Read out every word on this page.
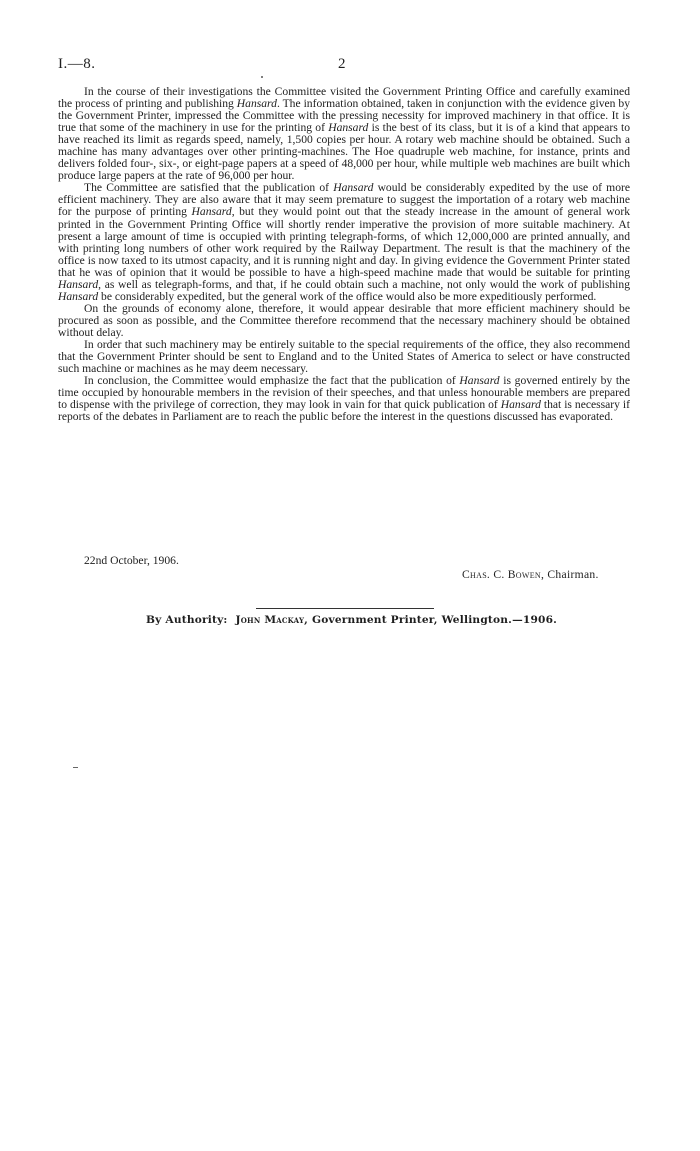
I.—8.	2

In the course of their investigations the Committee visited the Government Printing Office and carefully examined the process of printing and publishing Hansard. The information obtained, taken in conjunction with the evidence given by the Government Printer, impressed the Committee with the pressing necessity for improved machinery in that office. It is true that some of the machinery in use for the printing of Hansard is the best of its class, but it is of a kind that appears to have reached its limit as regards speed, namely, 1,500 copies per hour. A rotary web machine should be obtained. Such a machine has many advantages over other printing-machines. The Hoe quadruple web machine, for instance, prints and delivers folded four-, six-, or eight-page papers at a speed of 48,000 per hour, while multiple web machines are built which produce large papers at the rate of 96,000 per hour.

The Committee are satisfied that the publication of Hansard would be considerably expedited by the use of more efficient machinery. They are also aware that it may seem premature to suggest the importation of a rotary web machine for the purpose of printing Hansard, but they would point out that the steady increase in the amount of general work printed in the Government Printing Office will shortly render imperative the provision of more suitable machinery. At present a large amount of time is occupied with printing telegraph-forms, of which 12,000,000 are printed annually, and with printing long numbers of other work required by the Railway Department. The result is that the machinery of the office is now taxed to its utmost capacity, and it is running night and day. In giving evidence the Government Printer stated that he was of opinion that it would be possible to have a high-speed machine made that would be suitable for printing Hansard, as well as telegraph-forms, and that, if he could obtain such a machine, not only would the work of publishing Hansard be considerably expedited, but the general work of the office would also be more expeditiously performed.

On the grounds of economy alone, therefore, it would appear desirable that more efficient machinery should be procured as soon as possible, and the Committee therefore recommend that the necessary machinery should be obtained without delay.

In order that such machinery may be entirely suitable to the special requirements of the office, they also recommend that the Government Printer should be sent to England and to the United States of America to select or have constructed such machine or machines as he may deem necessary.

In conclusion, the Committee would emphasize the fact that the publication of Hansard is governed entirely by the time occupied by honourable members in the revision of their speeches, and that unless honourable members are prepared to dispense with the privilege of correction, they may look in vain for that quick publication of Hansard that is necessary if reports of the debates in Parliament are to reach the public before the interest in the questions discussed has evaporated.

22nd October, 1906.
Chas. C. Bowen, Chairman.
By Authority: John Mackay, Government Printer, Wellington.—1906.
